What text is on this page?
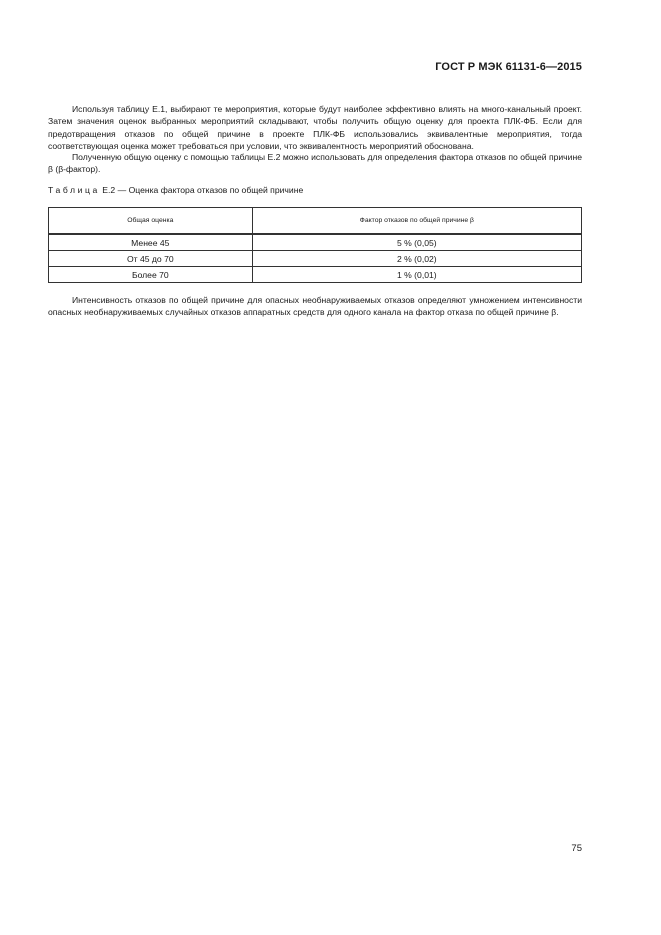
ГОСТ Р МЭК 61131-6—2015

Используя таблицу Е.1, выбирают те мероприятия, которые будут наиболее эффективно влиять на много-канальный проект. Затем значения оценок выбранных мероприятий складывают, чтобы получить общую оценку для проекта ПЛК-ФБ. Если для предотвращения отказов по общей причине в проекте ПЛК-ФБ использовались эквивалентные мероприятия, тогда соответствующая оценка может требоваться при условии, что эквивалентность мероприятий обоснована.

Полученную общую оценку с помощью таблицы Е.2 можно использовать для определения фактора отказов по общей причине β (β-фактор).

Таблица Е.2 — Оценка фактора отказов по общей причине
Общая оценка	Фактор отказов по общей причине β
Менее 45	5 % (0,05)
От 45 до 70	2 % (0,02)
Более 70	1 % (0,01)

Интенсивность отказов по общей причине для опасных необнаруживаемых отказов определяют умножением интенсивности опасных необнаруживаемых случайных отказов аппаратных средств для одного канала на фактор отказа по общей причине β.

75
